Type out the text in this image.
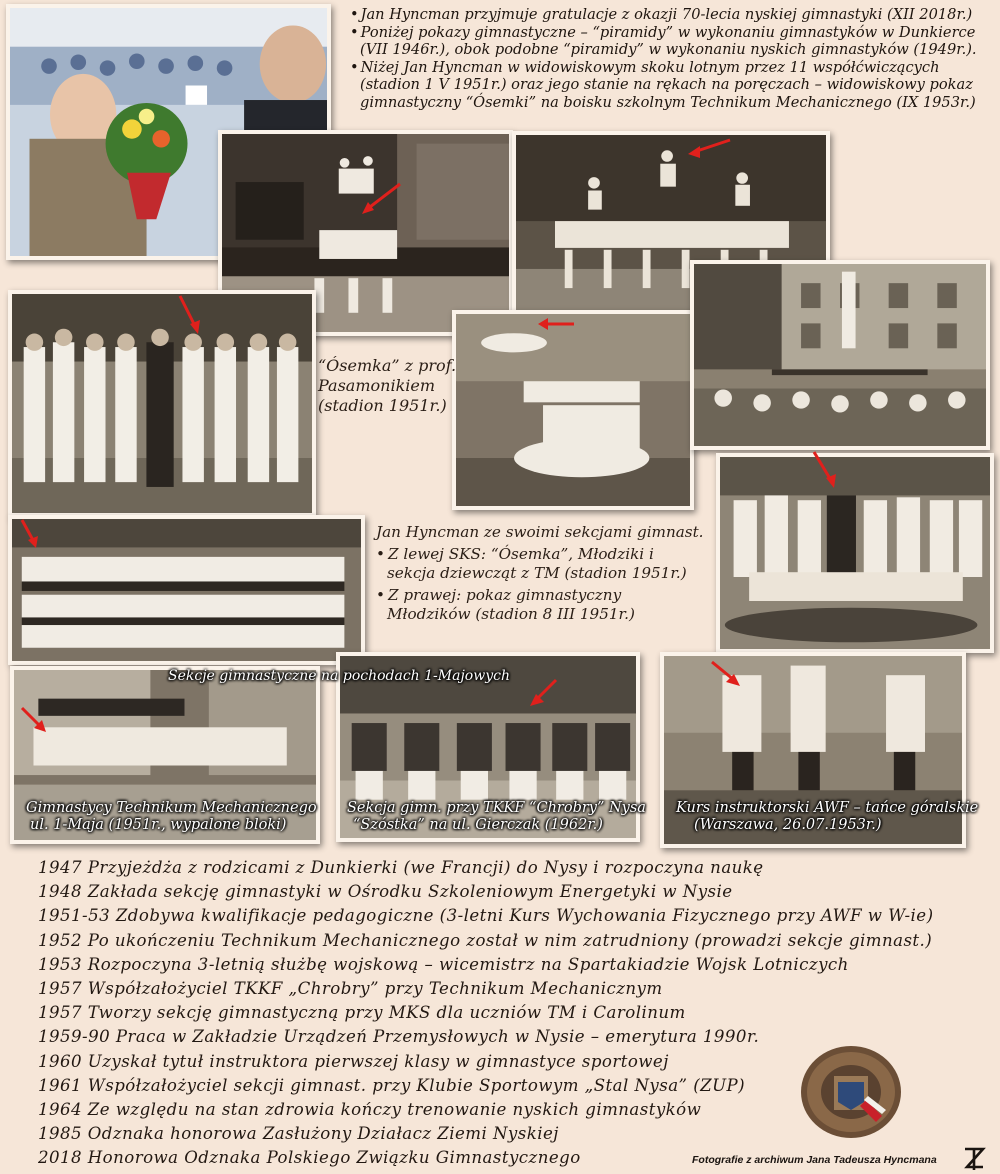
• Jan Hyncman przyjmuje gratulacje z okazji 70-lecia nyskiej gimnastyki (XII 2018r.)
• Poniżej pokazy gimnastyczne – “piramidy” w wykonaniu gimnastyków w Dunkierce (VII 1946r.), obok podobne “piramidy” w wykonaniu nyskich gimnastyków (1949r.).
• Niżej Jan Hyncman w widowiskowym skoku lotnym przez 11 współćwiczących (stadion 1 V 1951r.) oraz jego stanie na rękach na poręczach – widowiskowy pokaz gimnastyczny “Ósemki” na boisku szkolnym Technikum Mechanicznego (IX 1953r.)
“Ósemka” z prof.
Pasamonikiem
(stadion 1951r.)
Jan Hyncman ze swoimi sekcjami gimnast.
• Z lewej SKS: “Ósemka”, Młodziki i sekcja dziewcząt z TM (stadion 1951r.)
• Z prawej: pokaz gimnastyczny Młodzików (stadion 8 III 1951r.)
Sekcje gimnastyczne na pochodach 1-Majowych
Gimnastycy Technikum Mechanicznego
ul. 1-Maja (1951r., wypalone bloki)
Sekcja gimn. przy TKKF “Chrobry” Nysa
“Szóstka” na ul. Gierczak (1962r.)
Kurs instruktorski AWF – tańce góralskie
(Warszawa, 26.07.1953r.)
1947 Przyjeżdża z rodzicami z Dunkierki (we Francji) do Nysy i rozpoczyna naukę
1948 Zakłada sekcję gimnastyki w Ośrodku Szkoleniowym Energetyki w Nysie
1951-53 Zdobywa kwalifikacje pedagogiczne (3-letni Kurs Wychowania Fizycznego przy AWF w W-ie)
1952 Po ukończeniu Technikum Mechanicznego został w nim zatrudniony (prowadzi sekcje gimnast.)
1953 Rozpoczyna 3-letnią służbę wojskową – wicemistrz na Spartakiadzie Wojsk Lotniczych
1957 Współzałożyciel TKKF „Chrobry” przy Technikum Mechanicznym
1957 Tworzy sekcję gimnastyczną przy MKS dla uczniów TM i Carolinum
1959-90 Praca w Zakładzie Urządzeń Przemysłowych w Nysie – emerytura 1990r.
1960 Uzyskał tytuł instruktora pierwszej klasy w gimnastyce sportowej
1961 Współzałożyciel sekcji gimnast. przy Klubie Sportowym „Stal Nysa” (ZUP)
1964 Ze względu na stan zdrowia kończy trenowanie nyskich gimnastyków
1985 Odznaka honorowa Zasłużony Działacz Ziemi Nyskiej
2018 Honorowa Odznaka Polskiego Związku Gimnastycznego	Fotografie z archiwum Jana Tadeusza Hyncmana
